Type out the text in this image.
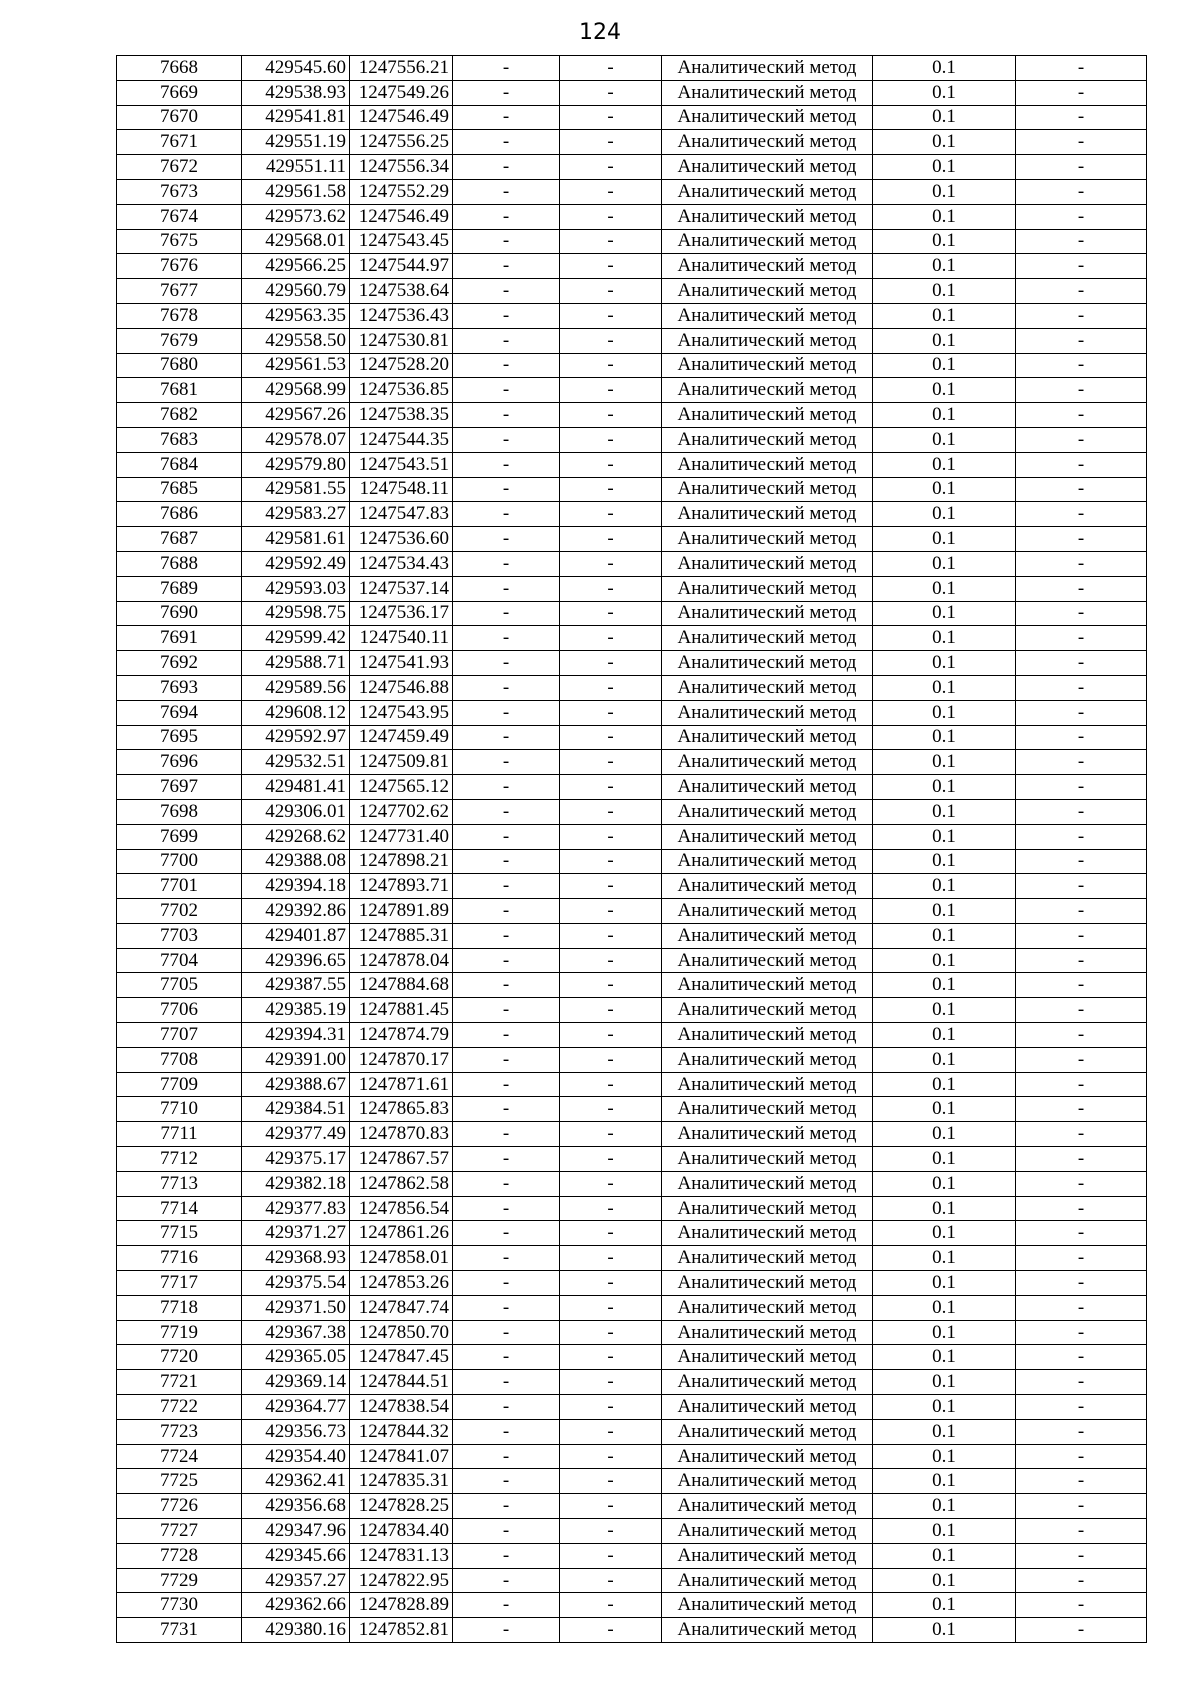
124
7668	429545.60	1247556.21	-	-	Аналитический метод	0.1	-
7669	429538.93	1247549.26	-	-	Аналитический метод	0.1	-
7670	429541.81	1247546.49	-	-	Аналитический метод	0.1	-
7671	429551.19	1247556.25	-	-	Аналитический метод	0.1	-
7672	429551.11	1247556.34	-	-	Аналитический метод	0.1	-
7673	429561.58	1247552.29	-	-	Аналитический метод	0.1	-
7674	429573.62	1247546.49	-	-	Аналитический метод	0.1	-
7675	429568.01	1247543.45	-	-	Аналитический метод	0.1	-
7676	429566.25	1247544.97	-	-	Аналитический метод	0.1	-
7677	429560.79	1247538.64	-	-	Аналитический метод	0.1	-
7678	429563.35	1247536.43	-	-	Аналитический метод	0.1	-
7679	429558.50	1247530.81	-	-	Аналитический метод	0.1	-
7680	429561.53	1247528.20	-	-	Аналитический метод	0.1	-
7681	429568.99	1247536.85	-	-	Аналитический метод	0.1	-
7682	429567.26	1247538.35	-	-	Аналитический метод	0.1	-
7683	429578.07	1247544.35	-	-	Аналитический метод	0.1	-
7684	429579.80	1247543.51	-	-	Аналитический метод	0.1	-
7685	429581.55	1247548.11	-	-	Аналитический метод	0.1	-
7686	429583.27	1247547.83	-	-	Аналитический метод	0.1	-
7687	429581.61	1247536.60	-	-	Аналитический метод	0.1	-
7688	429592.49	1247534.43	-	-	Аналитический метод	0.1	-
7689	429593.03	1247537.14	-	-	Аналитический метод	0.1	-
7690	429598.75	1247536.17	-	-	Аналитический метод	0.1	-
7691	429599.42	1247540.11	-	-	Аналитический метод	0.1	-
7692	429588.71	1247541.93	-	-	Аналитический метод	0.1	-
7693	429589.56	1247546.88	-	-	Аналитический метод	0.1	-
7694	429608.12	1247543.95	-	-	Аналитический метод	0.1	-
7695	429592.97	1247459.49	-	-	Аналитический метод	0.1	-
7696	429532.51	1247509.81	-	-	Аналитический метод	0.1	-
7697	429481.41	1247565.12	-	-	Аналитический метод	0.1	-
7698	429306.01	1247702.62	-	-	Аналитический метод	0.1	-
7699	429268.62	1247731.40	-	-	Аналитический метод	0.1	-
7700	429388.08	1247898.21	-	-	Аналитический метод	0.1	-
7701	429394.18	1247893.71	-	-	Аналитический метод	0.1	-
7702	429392.86	1247891.89	-	-	Аналитический метод	0.1	-
7703	429401.87	1247885.31	-	-	Аналитический метод	0.1	-
7704	429396.65	1247878.04	-	-	Аналитический метод	0.1	-
7705	429387.55	1247884.68	-	-	Аналитический метод	0.1	-
7706	429385.19	1247881.45	-	-	Аналитический метод	0.1	-
7707	429394.31	1247874.79	-	-	Аналитический метод	0.1	-
7708	429391.00	1247870.17	-	-	Аналитический метод	0.1	-
7709	429388.67	1247871.61	-	-	Аналитический метод	0.1	-
7710	429384.51	1247865.83	-	-	Аналитический метод	0.1	-
7711	429377.49	1247870.83	-	-	Аналитический метод	0.1	-
7712	429375.17	1247867.57	-	-	Аналитический метод	0.1	-
7713	429382.18	1247862.58	-	-	Аналитический метод	0.1	-
7714	429377.83	1247856.54	-	-	Аналитический метод	0.1	-
7715	429371.27	1247861.26	-	-	Аналитический метод	0.1	-
7716	429368.93	1247858.01	-	-	Аналитический метод	0.1	-
7717	429375.54	1247853.26	-	-	Аналитический метод	0.1	-
7718	429371.50	1247847.74	-	-	Аналитический метод	0.1	-
7719	429367.38	1247850.70	-	-	Аналитический метод	0.1	-
7720	429365.05	1247847.45	-	-	Аналитический метод	0.1	-
7721	429369.14	1247844.51	-	-	Аналитический метод	0.1	-
7722	429364.77	1247838.54	-	-	Аналитический метод	0.1	-
7723	429356.73	1247844.32	-	-	Аналитический метод	0.1	-
7724	429354.40	1247841.07	-	-	Аналитический метод	0.1	-
7725	429362.41	1247835.31	-	-	Аналитический метод	0.1	-
7726	429356.68	1247828.25	-	-	Аналитический метод	0.1	-
7727	429347.96	1247834.40	-	-	Аналитический метод	0.1	-
7728	429345.66	1247831.13	-	-	Аналитический метод	0.1	-
7729	429357.27	1247822.95	-	-	Аналитический метод	0.1	-
7730	429362.66	1247828.89	-	-	Аналитический метод	0.1	-
7731	429380.16	1247852.81	-	-	Аналитический метод	0.1	-
